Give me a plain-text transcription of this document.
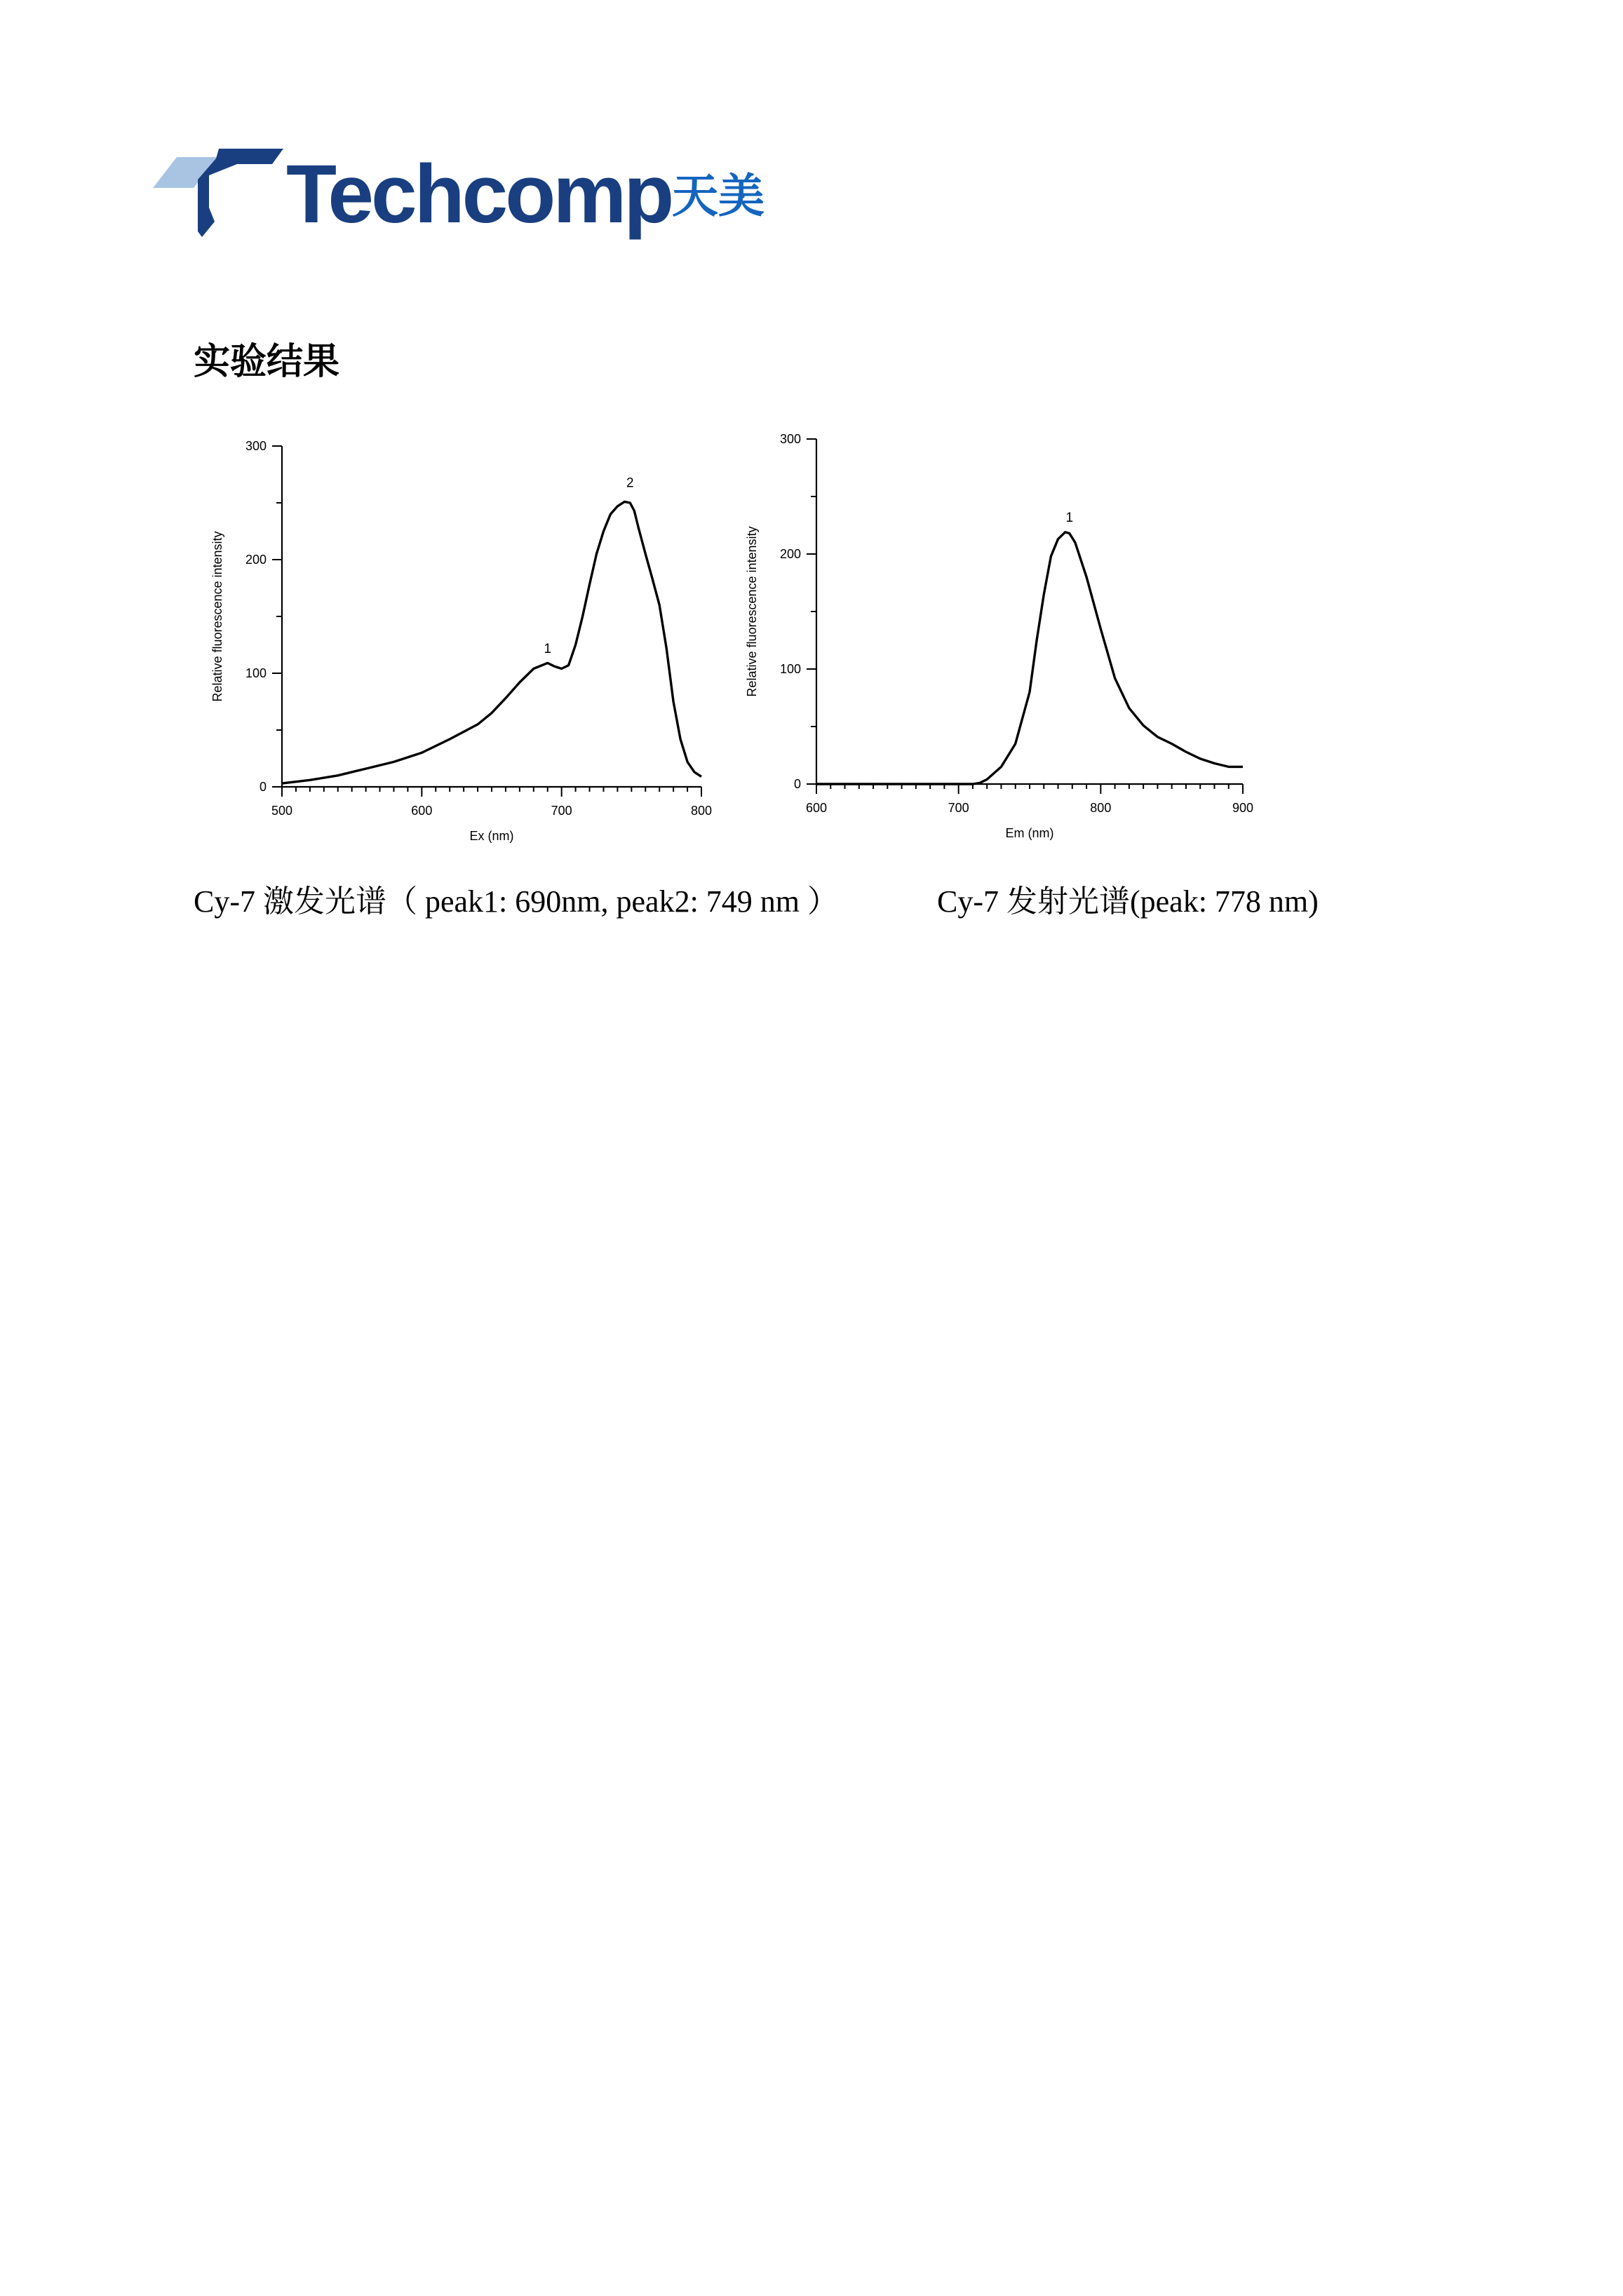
Techcomp 天美
实验结果
500	600	700	800
0
100
200
300
Ex (nm)
Relative fluorescence intensity	1
2
600	700	800	900
0
100
200
300
Em (nm)
Relative fluorescence intensity
1
Cy-7 激发光谱（ peak1: 690nm, peak2: 749 nm ）	Cy-7 发射光谱(peak: 778 nm)
